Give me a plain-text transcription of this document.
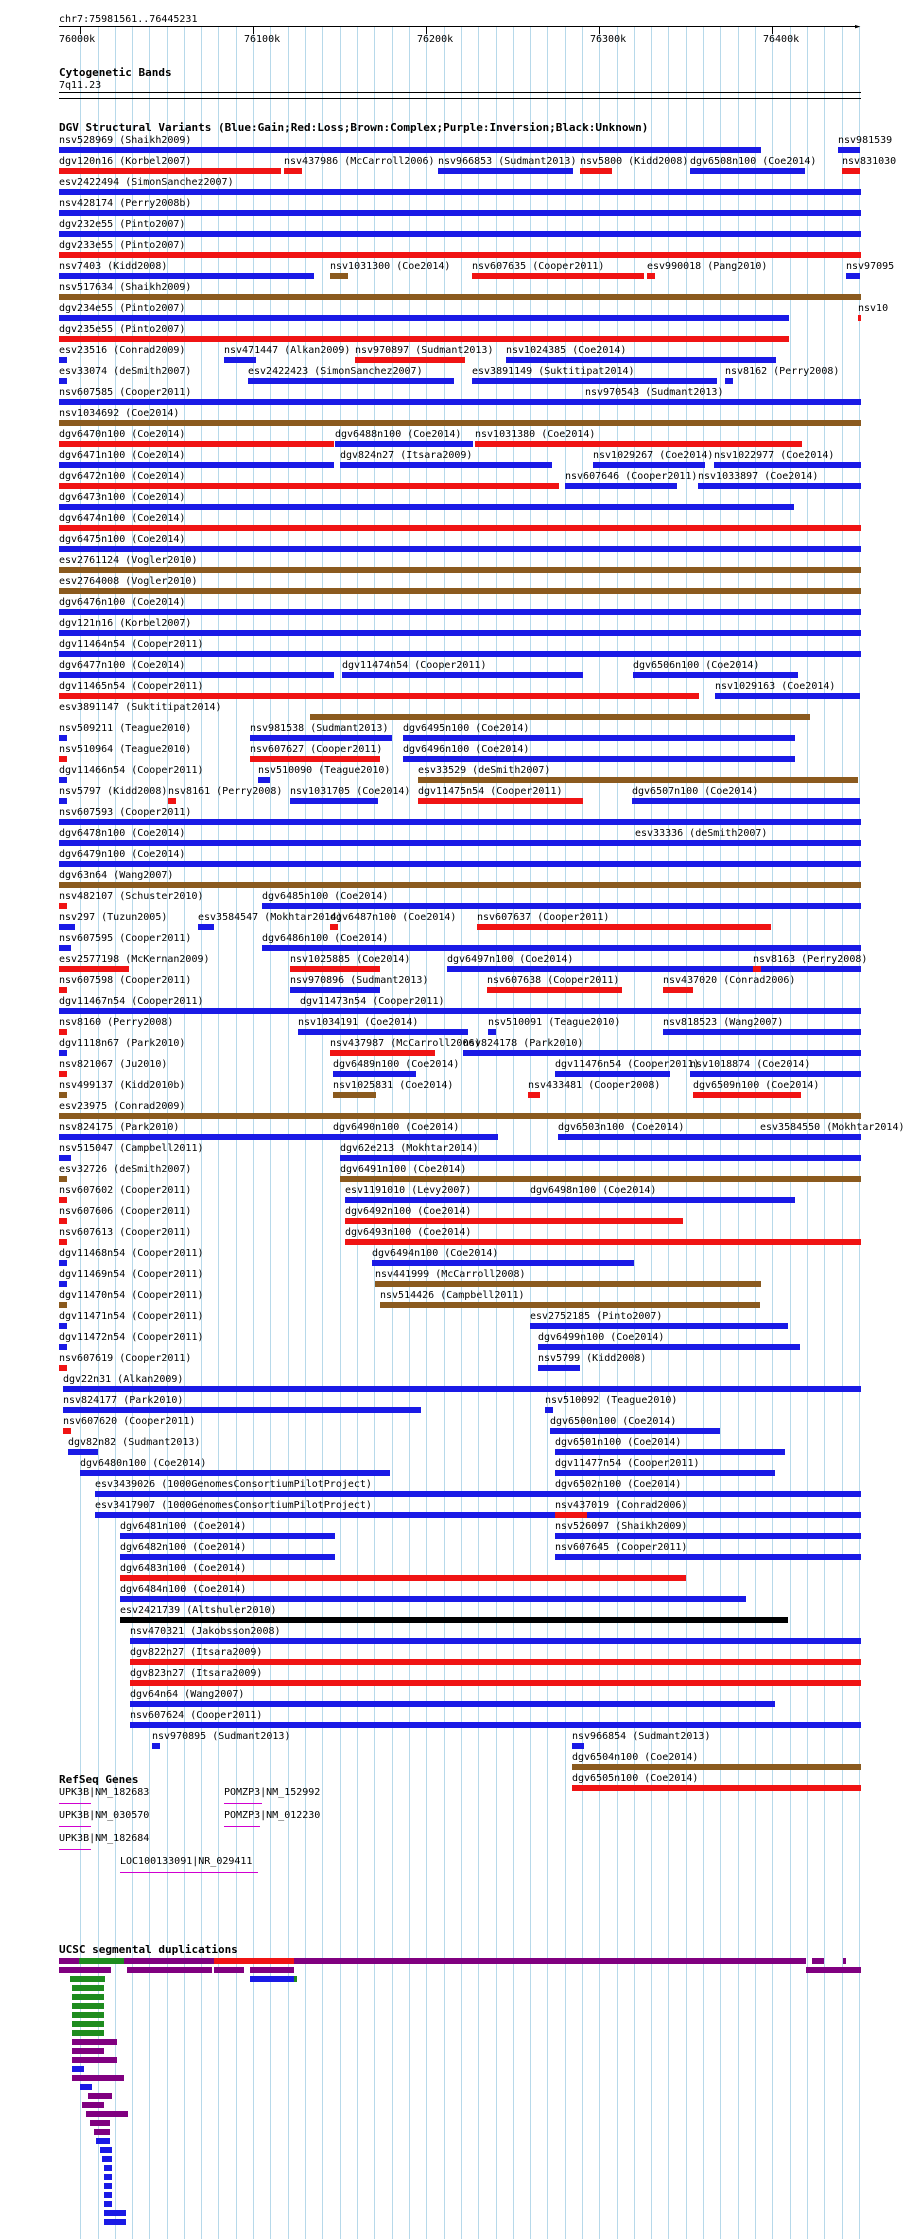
chr7:75981561..76445231
►
76000k	76100k	76200k	76300k	76400k
Cytogenetic Bands
7q11.23
DGV Structural Variants (Blue:Gain;Red:Loss;Brown:Complex;Purple:Inversion;Black:Unknown)
nsv528969 (Shaikh2009)	nsv981539
dgv120n16 (Korbel2007)	nsv437986 (McCarroll2006) nsv966853 (Sudmant2013) nsv5800 (Kidd2008) dgv6508n100 (Coe2014)	nsv831030
esv2422494 (SimonSanchez2007)
nsv428174 (Perry2008b)
dgv232e55 (Pinto2007)
dgv233e55 (Pinto2007)
nsv7403 (Kidd2008)	nsv1031300 (Coe2014) nsv607635 (Cooper2011)	esv990018 (Pang2010)	nsv97095
nsv517634 (Shaikh2009)
dgv234e55 (Pinto2007)	nsv10
dgv235e55 (Pinto2007)
esv23516 (Conrad2009)	nsv471447 (Alkan2009) nsv970897 (Sudmant2013) nsv1024385 (Coe2014)
esv33074 (deSmith2007)	esv2422423 (SimonSanchez2007)	esv3891149 (Suktitipat2014)	nsv8162 (Perry2008)
nsv607585 (Cooper2011)	nsv970543 (Sudmant2013)
nsv1034692 (Coe2014)
dgv6470n100 (Coe2014)	dgv6488n100 (Coe2014) nsv1031380 (Coe2014)
dgv6471n100 (Coe2014)	dgv824n27 (Itsara2009)	nsv1029267 (Coe2014) nsv1022977 (Coe2014)
dgv6472n100 (Coe2014)	nsv607646 (Cooper2011) nsv1033897 (Coe2014)
dgv6473n100 (Coe2014)
dgv6474n100 (Coe2014)
dgv6475n100 (Coe2014)
esv2761124 (Vogler2010)
esv2764008 (Vogler2010)
dgv6476n100 (Coe2014)
dgv121n16 (Korbel2007)
dgv11464n54 (Cooper2011)
dgv6477n100 (Coe2014)	dgv11474n54 (Cooper2011)	dgv6506n100 (Coe2014)
dgv11465n54 (Cooper2011)	nsv1029163 (Coe2014)
esv3891147 (Suktitipat2014)
nsv509211 (Teague2010)	nsv981538 (Sudmant2013) dgv6495n100 (Coe2014)
nsv510964 (Teague2010)	nsv607627 (Cooper2011) dgv6496n100 (Coe2014)
dgv11466n54 (Cooper2011)	nsv510090 (Teague2010)	esv33529 (deSmith2007)
nsv5797 (Kidd2008) nsv8161 (Perry2008) nsv1031705 (Coe2014) dgv11475n54 (Cooper2011)	dgv6507n100 (Coe2014)
nsv607593 (Cooper2011)
dgv6478n100 (Coe2014)	esv33336 (deSmith2007)
dgv6479n100 (Coe2014)
dgv63n64 (Wang2007)
nsv482107 (Schuster2010)	dgv6485n100 (Coe2014)
nsv297 (Tuzun2005)	esv3584547 (Mokhtar2014)
dgv6487n100 (Coe2014) nsv607637 (Cooper2011)
nsv607595 (Cooper2011)	dgv6486n100 (Coe2014)
esv2577198 (McKernan2009)	nsv1025885 (Coe2014)	dgv6497n100 (Coe2014)	nsv8163 (Perry2008)
nsv607598 (Cooper2011)	nsv970896 (Sudmant2013)	nsv607638 (Cooper2011)	nsv437020 (Conrad2006)
dgv11467n54 (Cooper2011)	dgv11473n54 (Cooper2011)
nsv8160 (Perry2008)	nsv1034191 (Coe2014)	nsv510091 (Teague2010)	nsv818523 (Wang2007)
dgv1118n67 (Park2010)	nsv437987 (McCarroll2006)
nsv824178 (Park2010)
nsv821067 (Ju2010)	dgv6489n100 (Coe2014)	dgv11476n54 (Cooper2011)
nsv1018874 (Coe2014)
nsv499137 (Kidd2010b)	nsv1025831 (Coe2014)	nsv433481 (Cooper2008)	dgv6509n100 (Coe2014)
esv23975 (Conrad2009)
nsv824175 (Park2010)	dgv6490n100 (Coe2014)	dgv6503n100 (Coe2014)	esv3584550 (Mokhtar2014)
nsv515047 (Campbell2011)	dgv62e213 (Mokhtar2014)
esv32726 (deSmith2007)	dgv6491n100 (Coe2014)
nsv607602 (Cooper2011)	esv1191010 (Levy2007)	dgv6498n100 (Coe2014)
nsv607606 (Cooper2011)	dgv6492n100 (Coe2014)
nsv607613 (Cooper2011)	dgv6493n100 (Coe2014)
dgv11468n54 (Cooper2011)	dgv6494n100 (Coe2014)
dgv11469n54 (Cooper2011)	nsv441999 (McCarroll2008)
dgv11470n54 (Cooper2011)	nsv514426 (Campbell2011)
dgv11471n54 (Cooper2011)	esv2752185 (Pinto2007)
dgv11472n54 (Cooper2011)	dgv6499n100 (Coe2014)
nsv607619 (Cooper2011)	nsv5799 (Kidd2008)
dgv22n31 (Alkan2009)
nsv824177 (Park2010)	nsv510092 (Teague2010)
nsv607620 (Cooper2011)	dgv6500n100 (Coe2014)
dgv82n82 (Sudmant2013)	dgv6501n100 (Coe2014)
dgv6480n100 (Coe2014)	dgv11477n54 (Cooper2011)
esv3439026 (1000GenomesConsortiumPilotProject)	dgv6502n100 (Coe2014)
esv3417907 (1000GenomesConsortiumPilotProject)	nsv437019 (Conrad2006)
dgv6481n100 (Coe2014)	nsv526097 (Shaikh2009)
dgv6482n100 (Coe2014)	nsv607645 (Cooper2011)
dgv6483n100 (Coe2014)
dgv6484n100 (Coe2014)
esv2421739 (Altshuler2010)
nsv470321 (Jakobsson2008)
dgv822n27 (Itsara2009)
dgv823n27 (Itsara2009)
dgv64n64 (Wang2007)
nsv607624 (Cooper2011)
nsv970895 (Sudmant2013)	nsv966854 (Sudmant2013)
dgv6504n100 (Coe2014)
dgv6505n100 (Coe2014)
RefSeq Genes
UPK3B|NM_182683	POMZP3|NM_152992
UPK3B|NM_030570	POMZP3|NM_012230
UPK3B|NM_182684
LOC100133091|NR_029411
UCSC segmental duplications
